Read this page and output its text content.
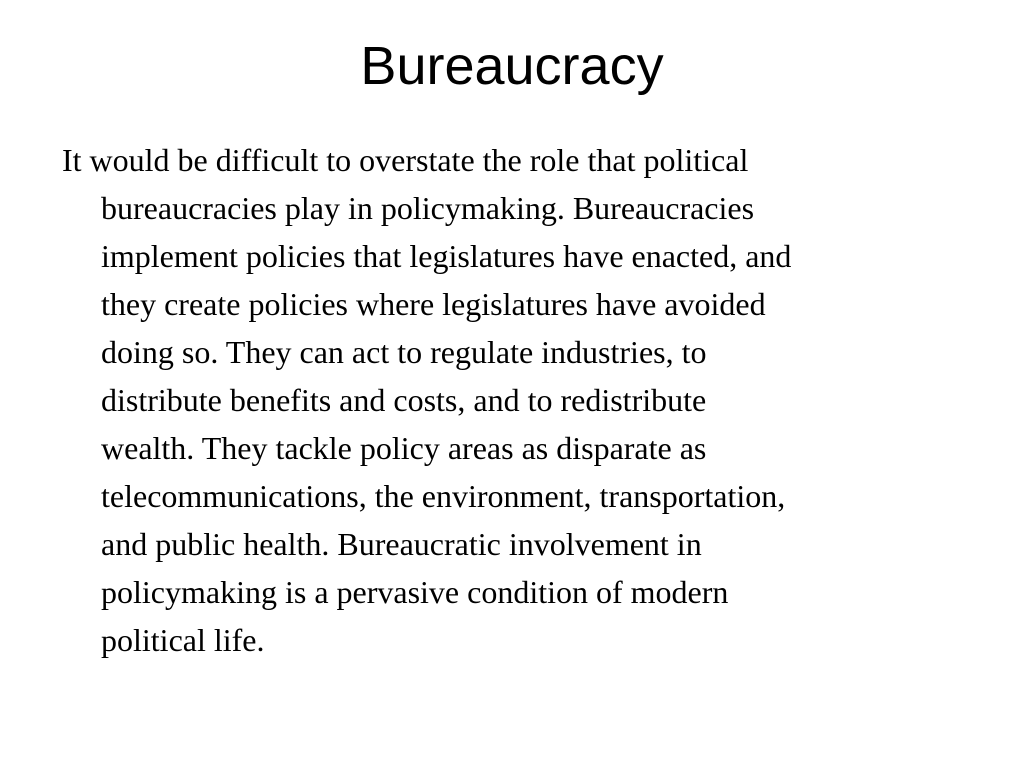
Bureaucracy

It would be difficult to overstate the role that political
bureaucracies play in policymaking. Bureaucracies
implement policies that legislatures have enacted, and
they create policies where legislatures have avoided
doing so. They can act to regulate industries, to
distribute benefits and costs, and to redistribute
wealth. They tackle policy areas as disparate as
telecommunications, the environment, transportation,
and public health. Bureaucratic involvement in
policymaking is a pervasive condition of modern
political life.
